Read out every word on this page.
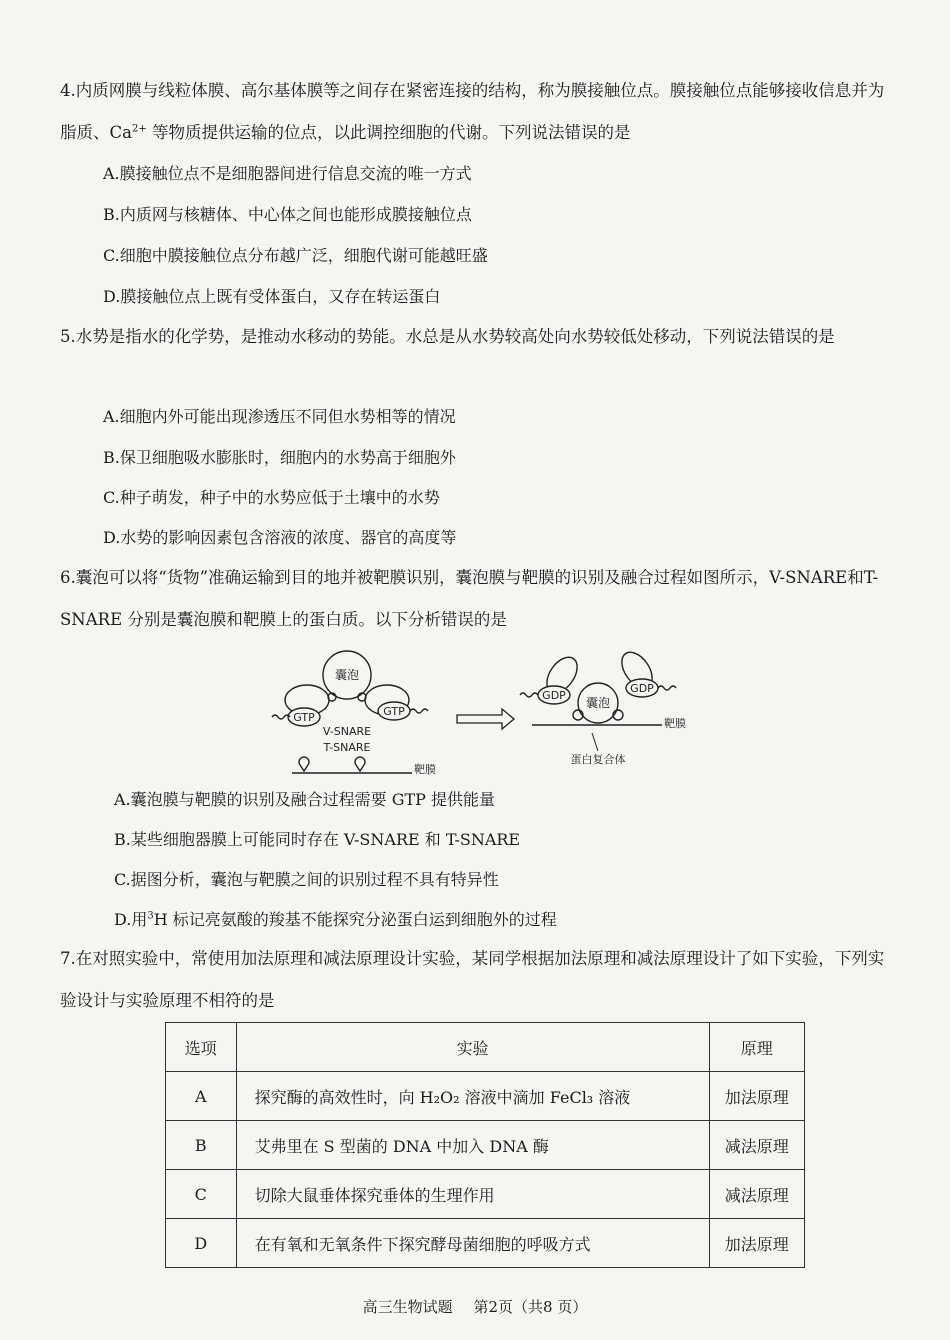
4.内质网膜与线粒体膜、高尔基体膜等之间存在紧密连接的结构，称为膜接触位点。膜接触位点能够接收信息并为脂质、$Ca^{2+}$ 等物质提供运输的位点，以此调控细胞的代谢。下列说法错误的是
A.膜接触位点不是细胞器间进行信息交流的唯一方式
B.内质网与核糖体、中心体之间也能形成膜接触位点
C.细胞中膜接触位点分布越广泛，细胞代谢可能越旺盛
D.膜接触位点上既有受体蛋白，又存在转运蛋白
5.水势是指水的化学势，是推动水移动的势能。水总是从水势较高处向水势较低处移动，下列说法错误的是
A.细胞内外可能出现渗透压不同但水势相等的情况
B.保卫细胞吸水膨胀时，细胞内的水势高于细胞外
C.种子萌发，种子中的水势应低于土壤中的水势
D.水势的影响因素包含溶液的浓度、器官的高度等
6.囊泡可以将“货物”准确运输到目的地并被靶膜识别，囊泡膜与靶膜的识别及融合过程如图所示，V-SNARE和T-SNARE 分别是囊泡膜和靶膜上的蛋白质。以下分析错误的是
囊泡
GTP	GTP
V-SNARE
T-SNARE
靶膜
囊泡
GDP
GDP
靶膜
蛋白复合体
A.囊泡膜与靶膜的识别及融合过程需要 GTP 提供能量
B.某些细胞器膜上可能同时存在 V-SNARE 和 T-SNARE
C.据图分析，囊泡与靶膜之间的识别过程不具有特异性
D.用$^3$H 标记亮氨酸的羧基不能探究分泌蛋白运到细胞外的过程
7.在对照实验中，常使用加法原理和减法原理设计实验，某同学根据加法原理和减法原理设计了如下实验，下列实验设计与实验原理不相符的是
选项	实验	原理
A	探究酶的高效性时，向 H₂O₂ 溶液中滴加 FeCl₃ 溶液	加法原理
B	艾弗里在 S 型菌的 DNA 中加入 DNA 酶	减法原理
C	切除大鼠垂体探究垂体的生理作用	减法原理
D	在有氧和无氧条件下探究酵母菌细胞的呼吸方式	加法原理
高三生物试题 第2页（共8 页）
